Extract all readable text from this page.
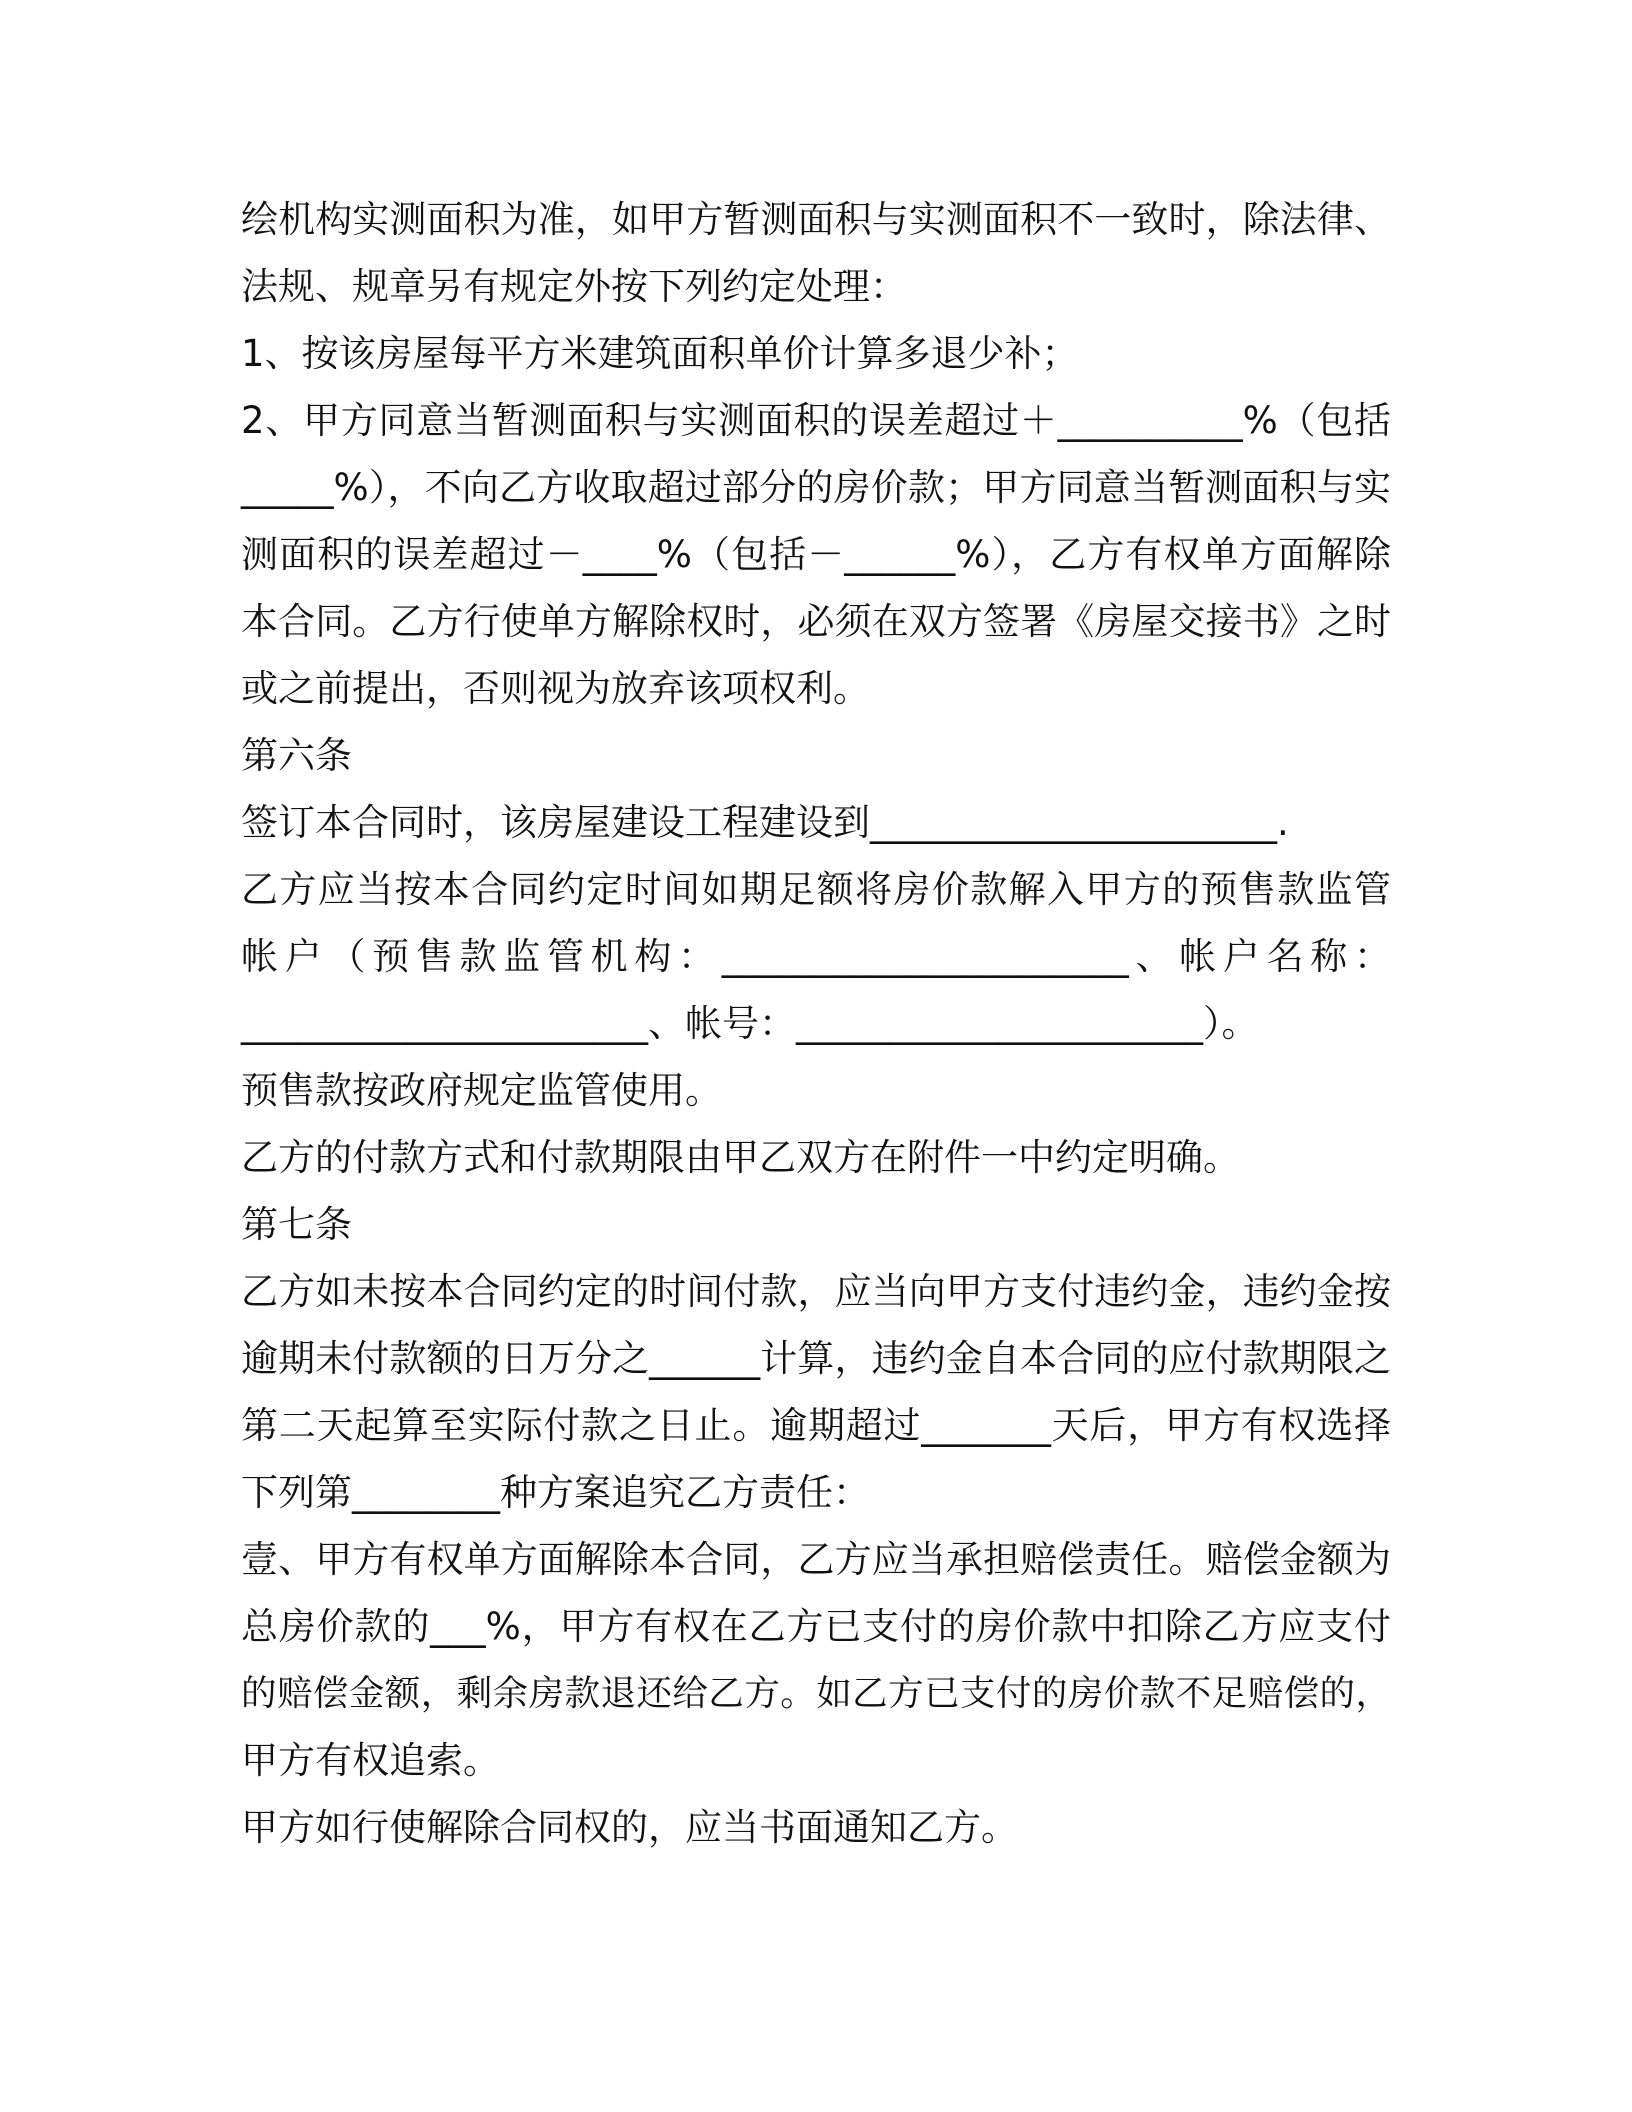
绘机构实测面积为准，如甲方暂测面积与实测面积不一致时，除法律、
法规、规章另有规定外按下列约定处理：
1、按该房屋每平方米建筑面积单价计算多退少补；
2、甲方同意当暂测面积与实测面积的误差超过＋__________%（包括
_____%），不向乙方收取超过部分的房价款；甲方同意当暂测面积与实
测面积的误差超过－____%（包括－______%），乙方有权单方面解除
本合同。乙方行使单方解除权时，必须在双方签署《房屋交接书》之时
或之前提出，否则视为放弃该项权利。
第六条
签订本合同时，该房屋建设工程建设到______________________.
乙方应当按本合同约定时间如期足额将房价款解入甲方的预售款监管
帐户（预售款监管机构：______________________、帐户名称：
______________________、帐号：______________________）。
预售款按政府规定监管使用。
乙方的付款方式和付款期限由甲乙双方在附件一中约定明确。
第七条
乙方如未按本合同约定的时间付款，应当向甲方支付违约金，违约金按
逾期未付款额的日万分之______计算，违约金自本合同的应付款期限之
第二天起算至实际付款之日止。逾期超过_______天后，甲方有权选择
下列第________种方案追究乙方责任：
壹、甲方有权单方面解除本合同，乙方应当承担赔偿责任。赔偿金额为
总房价款的___%，甲方有权在乙方已支付的房价款中扣除乙方应支付
的赔偿金额，剩余房款退还给乙方。如乙方已支付的房价款不足赔偿的，
甲方有权追索。
甲方如行使解除合同权的，应当书面通知乙方。
